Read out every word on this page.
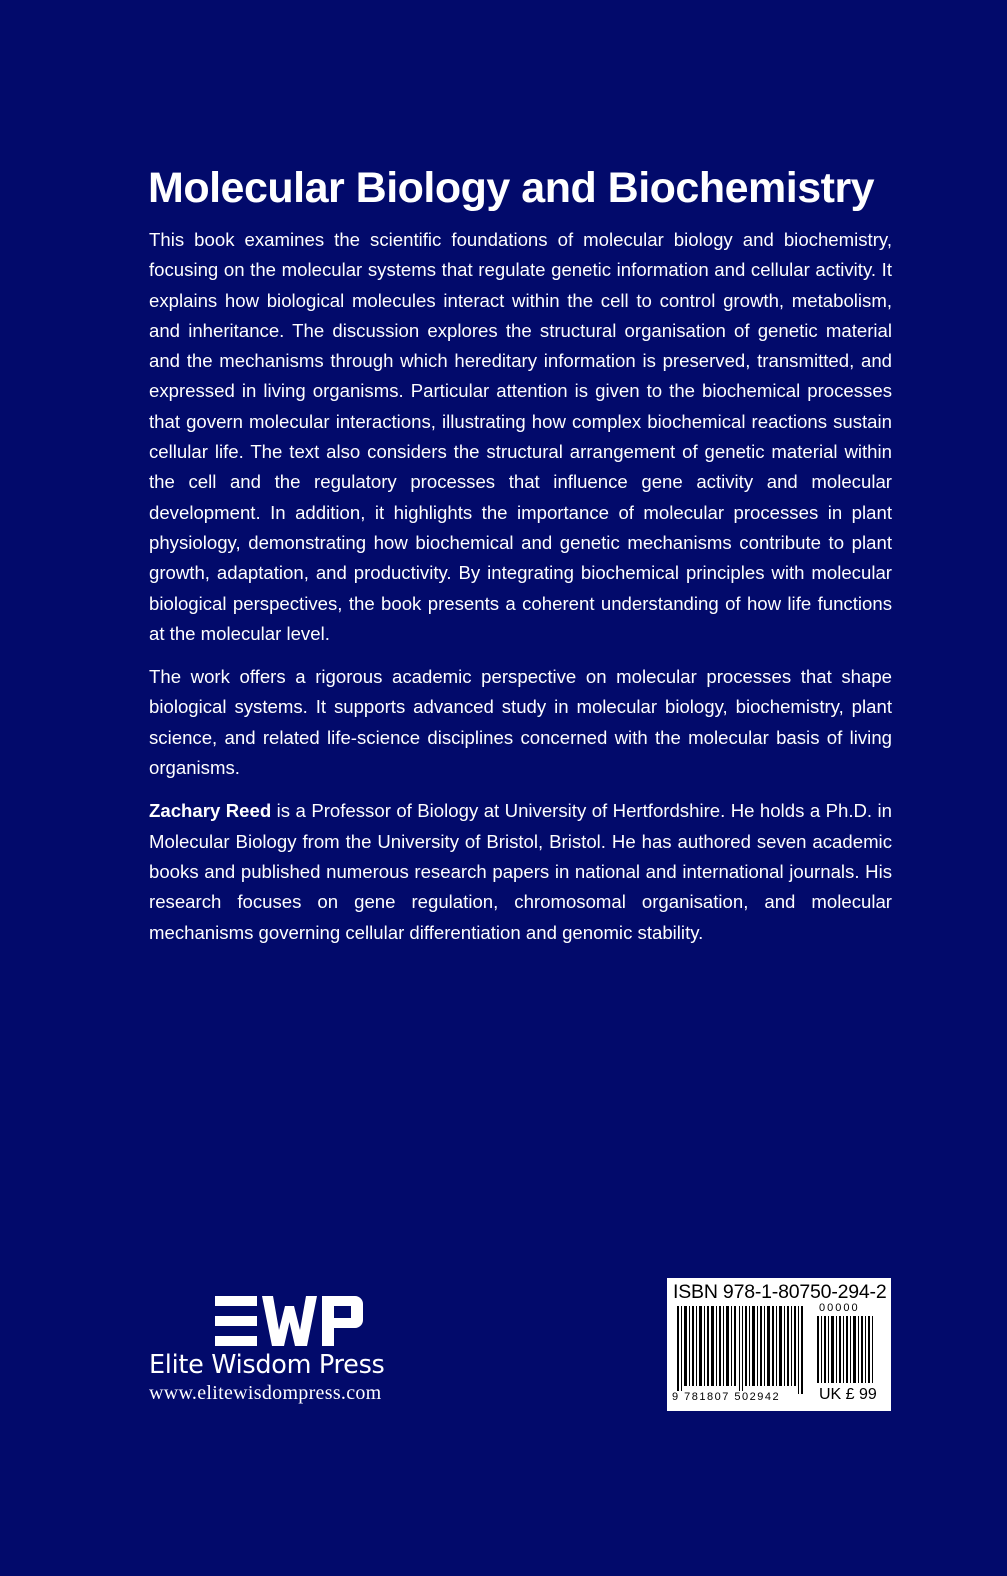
Molecular Biology and Biochemistry

This book examines the scientific foundations of molecular biology and biochemistry, focusing on the molecular systems that regulate genetic information and cellular activity. It explains how biological molecules interact within the cell to control growth, metabolism, and inheritance. The discussion explores the structural organisation of genetic material and the mechanisms through which hereditary information is preserved, transmitted, and expressed in living organisms. Particular attention is given to the biochemical processes that govern molecular interactions, illustrating how complex biochemical reactions sustain cellular life. The text also considers the structural arrangement of genetic material within the cell and the regulatory processes that influence gene activity and molecular development. In addition, it highlights the importance of molecular processes in plant physiology, demonstrating how biochemical and genetic mechanisms contribute to plant growth, adaptation, and productivity. By integrating biochemical principles with molecular biological perspectives, the book presents a coherent understanding of how life functions at the molecular level.

The work offers a rigorous academic perspective on molecular processes that shape biological systems. It supports advanced study in molecular biology, biochemistry, plant science, and related life-science disciplines concerned with the molecular basis of living organisms.

Zachary Reed is a Professor of Biology at University of Hertfordshire. He holds a Ph.D. in Molecular Biology from the University of Bristol, Bristol. He has authored seven academic books and published numerous research papers in national and international journals. His research focuses on gene regulation, chromosomal organisation, and molecular mechanisms governing cellular differentiation and genomic stability.

Elite Wisdom Press
www.elitewisdompress.com
ISBN 978-1-80750-294-2
00000
9 781807 502942 UK £ 99
